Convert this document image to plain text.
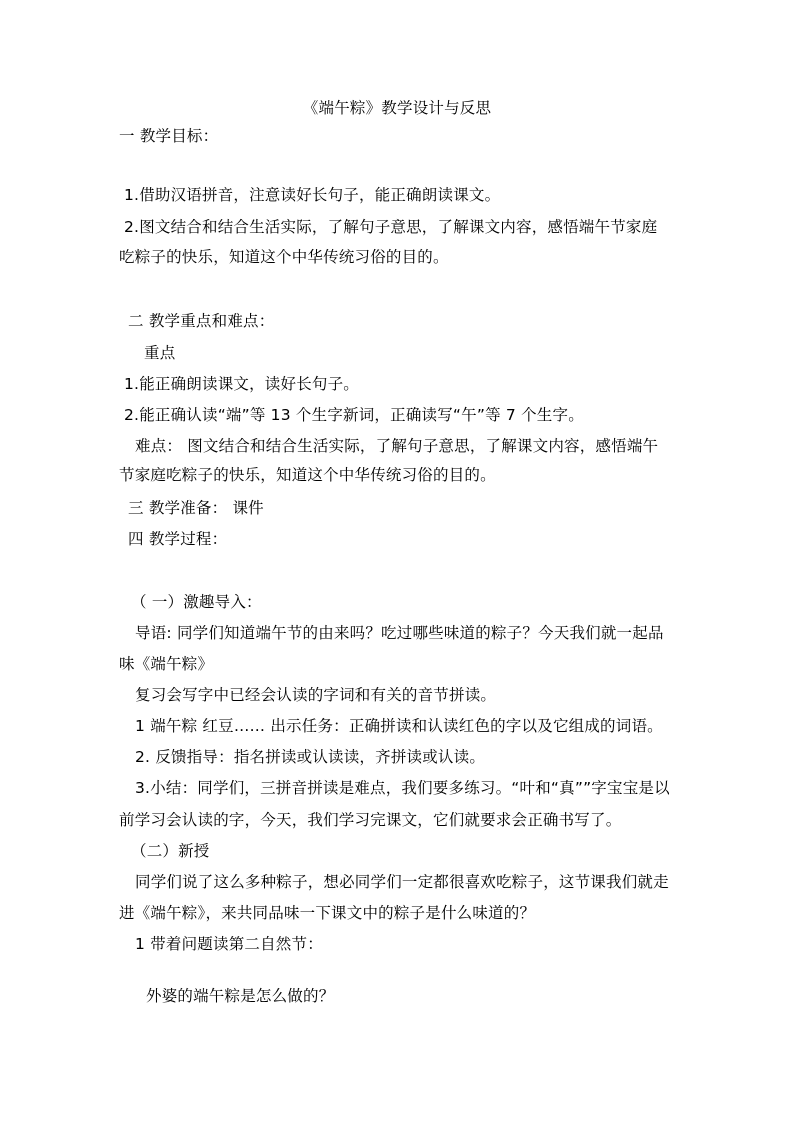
《端午粽》教学设计与反思
一 教学目标：
1.借助汉语拼音，注意读好长句子，能正确朗读课文。
2.图文结合和结合生活实际，了解句子意思，了解课文内容，感悟端午节家庭
吃粽子的快乐，知道这个中华传统习俗的目的。
二 教学重点和难点：
重点
1.能正确朗读课文，读好长句子。
2.能正确认读“端”等 13 个生字新词，正确读写“午”等 7 个生字。
难点： 图文结合和结合生活实际，了解句子意思，了解课文内容，感悟端午
节家庭吃粽子的快乐，知道这个中华传统习俗的目的。
三 教学准备： 课件
四 教学过程：
（ 一）激趣导入：
导语: 同学们知道端午节的由来吗？吃过哪些味道的粽子？今天我们就一起品
味《端午粽》
复习会写字中已经会认读的字词和有关的音节拼读。
1 端午粽 红豆…… 出示任务：正确拼读和认读红色的字以及它组成的词语。
2. 反馈指导：指名拼读或认读读，齐拼读或认读。
3.小结：同学们，三拼音拼读是难点，我们要多练习。“叶和“真””字宝宝是以
前学习会认读的字，今天，我们学习完课文，它们就要求会正确书写了。
（二）新授
同学们说了这么多种粽子，想必同学们一定都很喜欢吃粽子，这节课我们就走
进《端午粽》，来共同品味一下课文中的粽子是什么味道的？
1 带着问题读第二自然节：
外婆的端午粽是怎么做的？
